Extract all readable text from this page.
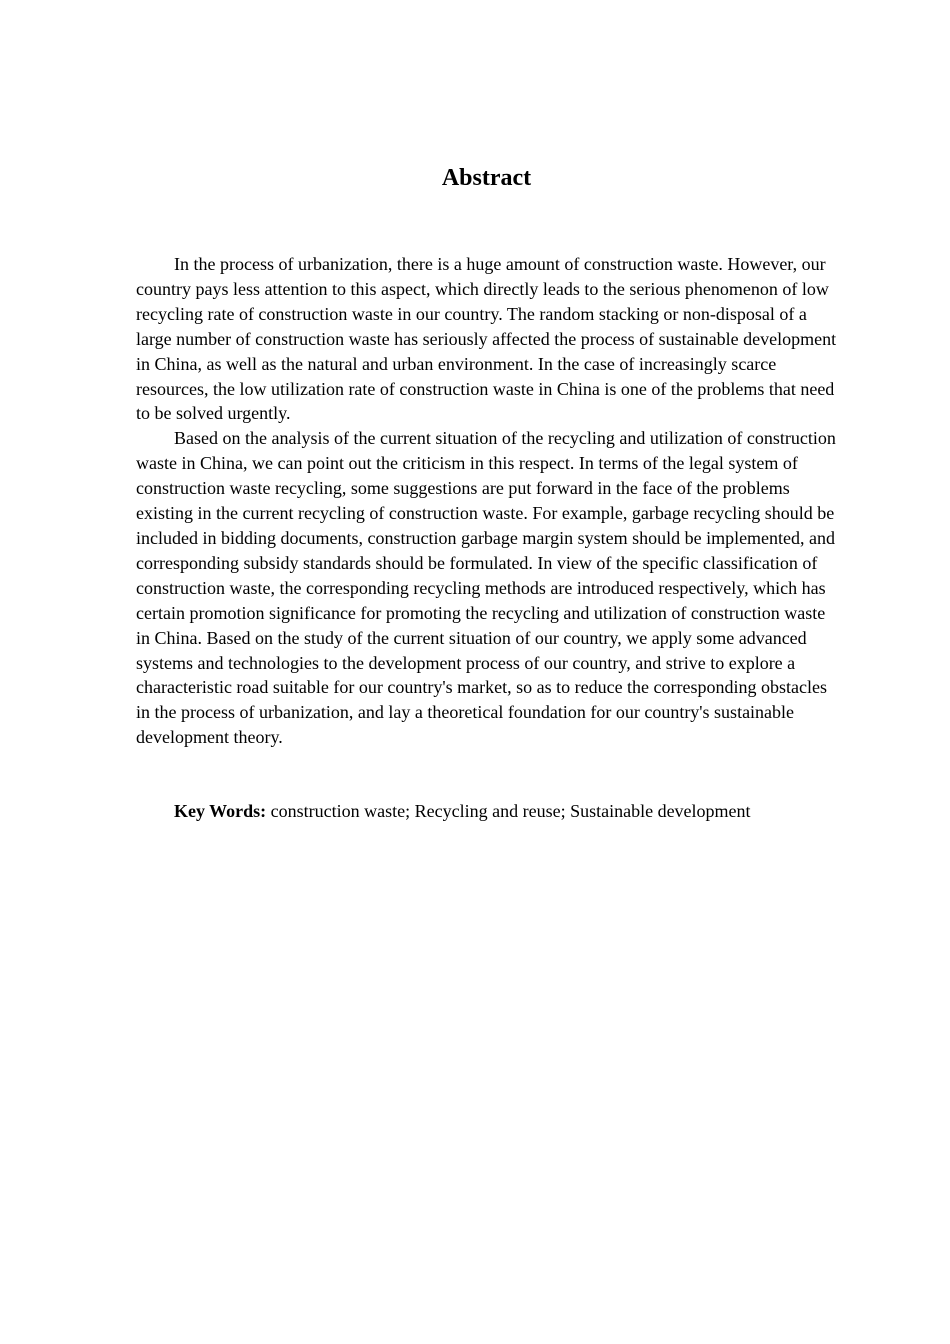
Abstract

In the process of urbanization, there is a huge amount of construction waste. However, our country pays less attention to this aspect, which directly leads to the serious phenomenon of low recycling rate of construction waste in our country. The random stacking or non-disposal of a large number of construction waste has seriously affected the process of sustainable development in China, as well as the natural and urban environment. In the case of increasingly scarce resources, the low utilization rate of construction waste in China is one of the problems that need to be solved urgently.

Based on the analysis of the current situation of the recycling and utilization of construction waste in China, we can point out the criticism in this respect. In terms of the legal system of construction waste recycling, some suggestions are put forward in the face of the problems existing in the current recycling of construction waste. For example, garbage recycling should be included in bidding documents, construction garbage margin system should be implemented, and corresponding subsidy standards should be formulated. In view of the specific classification of construction waste, the corresponding recycling methods are introduced respectively, which has certain promotion significance for promoting the recycling and utilization of construction waste in China. Based on the study of the current situation of our country, we apply some advanced systems and technologies to the development process of our country, and strive to explore a characteristic road suitable for our country's market, so as to reduce the corresponding obstacles in the process of urbanization, and lay a theoretical foundation for our country's sustainable development theory.

Key Words: construction waste; Recycling and reuse; Sustainable development
